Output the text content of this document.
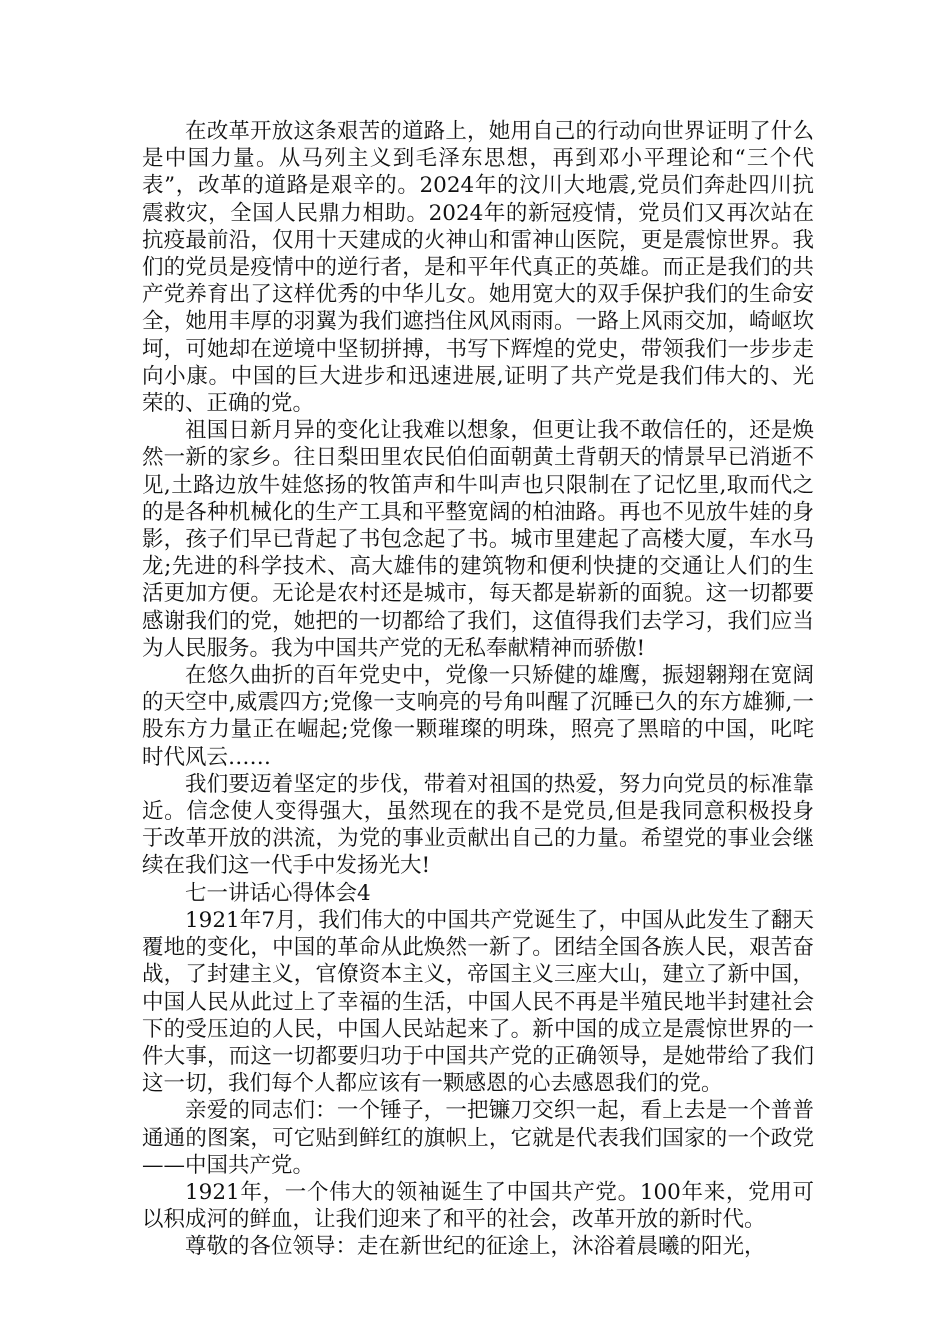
在改革开放这条艰苦的道路上，她用自己的行动向世界证明了什么是中国力量。从马列主义到毛泽东思想，再到邓小平理论和“三个代表”，改革的道路是艰辛的。2024年的汶川大地震,党员们奔赴四川抗震救灾，全国人民鼎力相助。2024年的新冠疫情，党员们又再次站在抗疫最前沿，仅用十天建成的火神山和雷神山医院，更是震惊世界。我们的党员是疫情中的逆行者，是和平年代真正的英雄。而正是我们的共产党养育出了这样优秀的中华儿女。她用宽大的双手保护我们的生命安全，她用丰厚的羽翼为我们遮挡住风风雨雨。一路上风雨交加，崎岖坎坷，可她却在逆境中坚韧拼搏，书写下辉煌的党史，带领我们一步步走向小康。中国的巨大进步和迅速进展,证明了共产党是我们伟大的、光荣的、正确的党。

祖国日新月异的变化让我难以想象，但更让我不敢信任的，还是焕然一新的家乡。往日梨田里农民伯伯面朝黄土背朝天的情景早已消逝不见,土路边放牛娃悠扬的牧笛声和牛叫声也只限制在了记忆里,取而代之的是各种机械化的生产工具和平整宽阔的柏油路。再也不见放牛娃的身影，孩子们早已背起了书包念起了书。城市里建起了高楼大厦，车水马龙;先进的科学技术、高大雄伟的建筑物和便利快捷的交通让人们的生活更加方便。无论是农村还是城市，每天都是崭新的面貌。这一切都要感谢我们的党，她把的一切都给了我们，这值得我们去学习，我们应当为人民服务。我为中国共产党的无私奉献精神而骄傲!

在悠久曲折的百年党史中，党像一只矫健的雄鹰，振翅翱翔在宽阔的天空中,威震四方;党像一支响亮的号角叫醒了沉睡已久的东方雄狮,一股东方力量正在崛起;党像一颗璀璨的明珠，照亮了黑暗的中国，叱咤时代风云……

我们要迈着坚定的步伐，带着对祖国的热爱，努力向党员的标准靠近。信念使人变得强大，虽然现在的我不是党员,但是我同意积极投身于改革开放的洪流，为党的事业贡献出自己的力量。希望党的事业会继续在我们这一代手中发扬光大!

七一讲话心得体会4

1921年7月，我们伟大的中国共产党诞生了，中国从此发生了翻天覆地的变化，中国的革命从此焕然一新了。团结全国各族人民，艰苦奋战，了封建主义，官僚资本主义，帝国主义三座大山，建立了新中国，中国人民从此过上了幸福的生活，中国人民不再是半殖民地半封建社会下的受压迫的人民，中国人民站起来了。新中国的成立是震惊世界的一件大事，而这一切都要归功于中国共产党的正确领导，是她带给了我们这一切，我们每个人都应该有一颗感恩的心去感恩我们的党。

亲爱的同志们：一个锤子，一把镰刀交织一起，看上去是一个普普通通的图案，可它贴到鲜红的旗帜上，它就是代表我们国家的一个政党——中国共产党。

1921年，一个伟大的领袖诞生了中国共产党。100年来，党用可以积成河的鲜血，让我们迎来了和平的社会，改革开放的新时代。

尊敬的各位领导：走在新世纪的征途上，沐浴着晨曦的阳光，
